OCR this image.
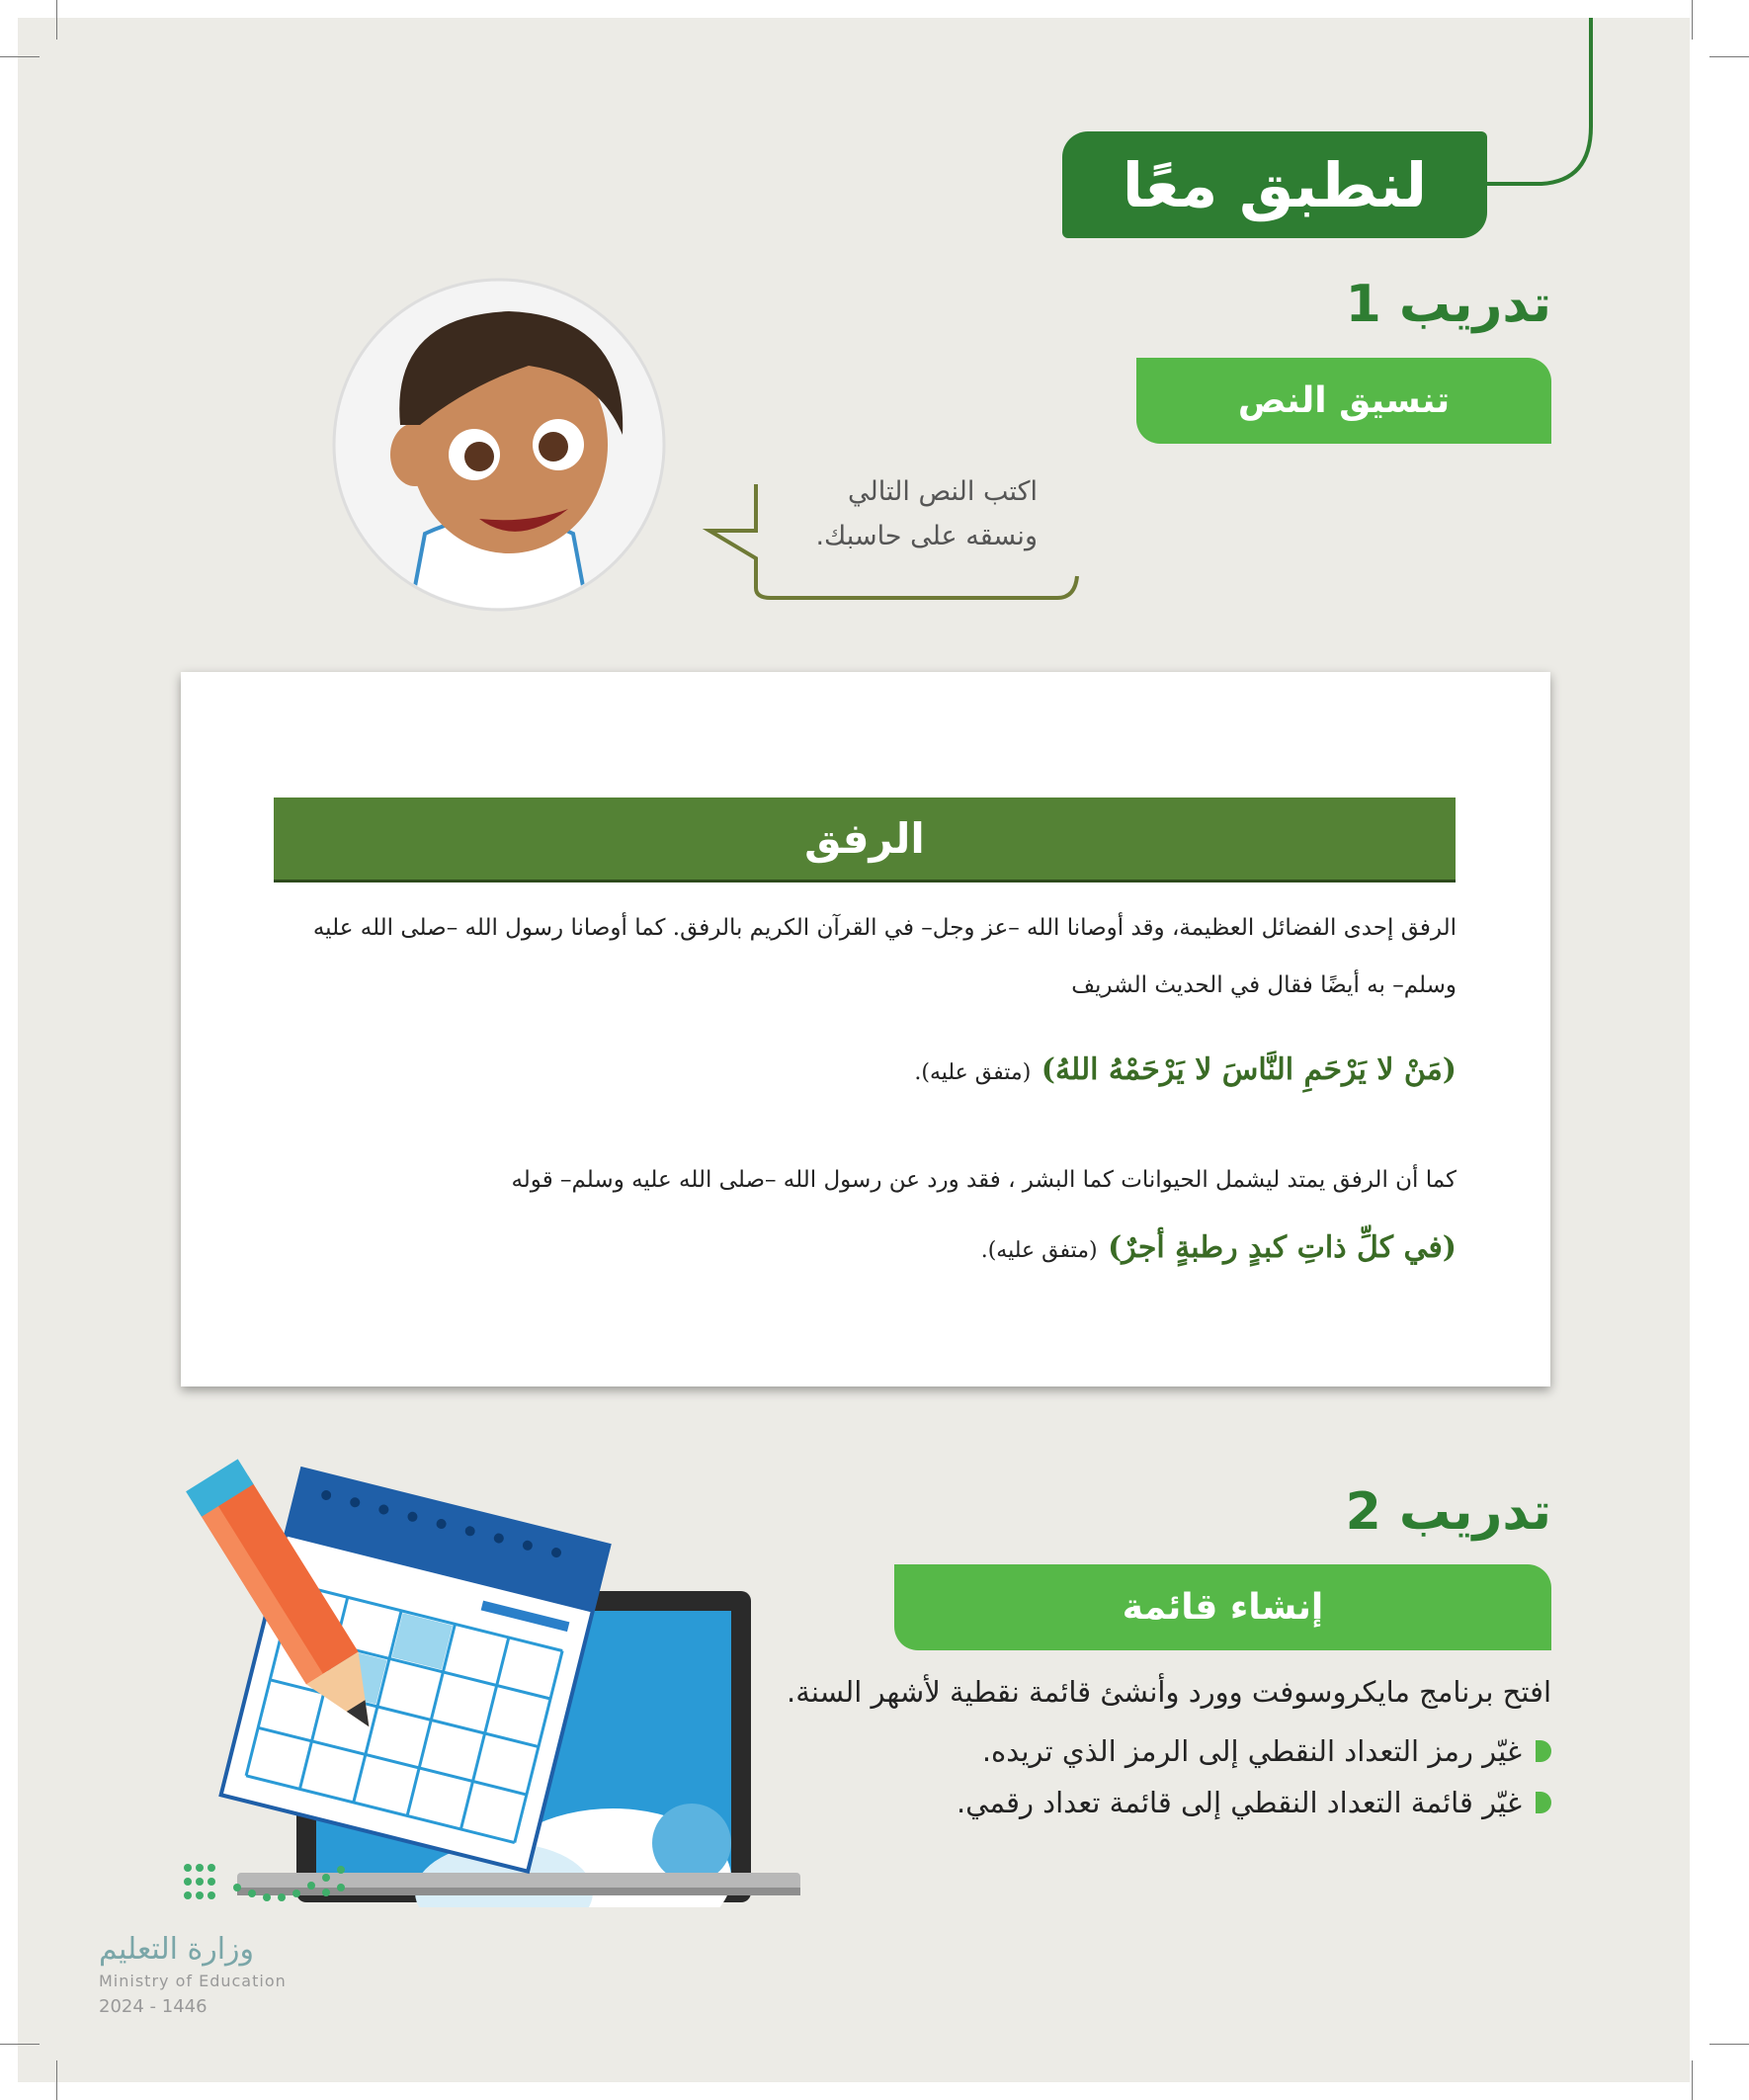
لنطبق معًا
تدريب 1
تنسيق النص
اكتب النص التالي
ونسقه على حاسبك.
الرفق
الرفق إحدى الفضائل العظيمة، وقد أوصانا الله –عز وجل– في القرآن الكريم بالرفق. كما أوصانا رسول الله –صلى الله عليه وسلم– به أيضًا فقال في الحديث الشريف
(مَنْ لا يَرْحَمِ النَّاسَ لا يَرْحَمْهُ اللهُ) (متفق عليه).
كما أن الرفق يمتد ليشمل الحيوانات كما البشر ، فقد ورد عن رسول الله –صلى الله عليه وسلم– قوله
(في كلِّ ذاتِ كبدٍ رطبةٍ أجرٌ) (متفق عليه).
تدريب 2
إنشاء قائمة
افتح برنامج مايكروسوفت وورد وأنشئ قائمة نقطية لأشهر السنة.
غيّر رمز التعداد النقطي إلى الرمز الذي تريده.
غيّر قائمة التعداد النقطي إلى قائمة تعداد رقمي.
وزارة التعليم
Ministry of Education
2024 - 1446
